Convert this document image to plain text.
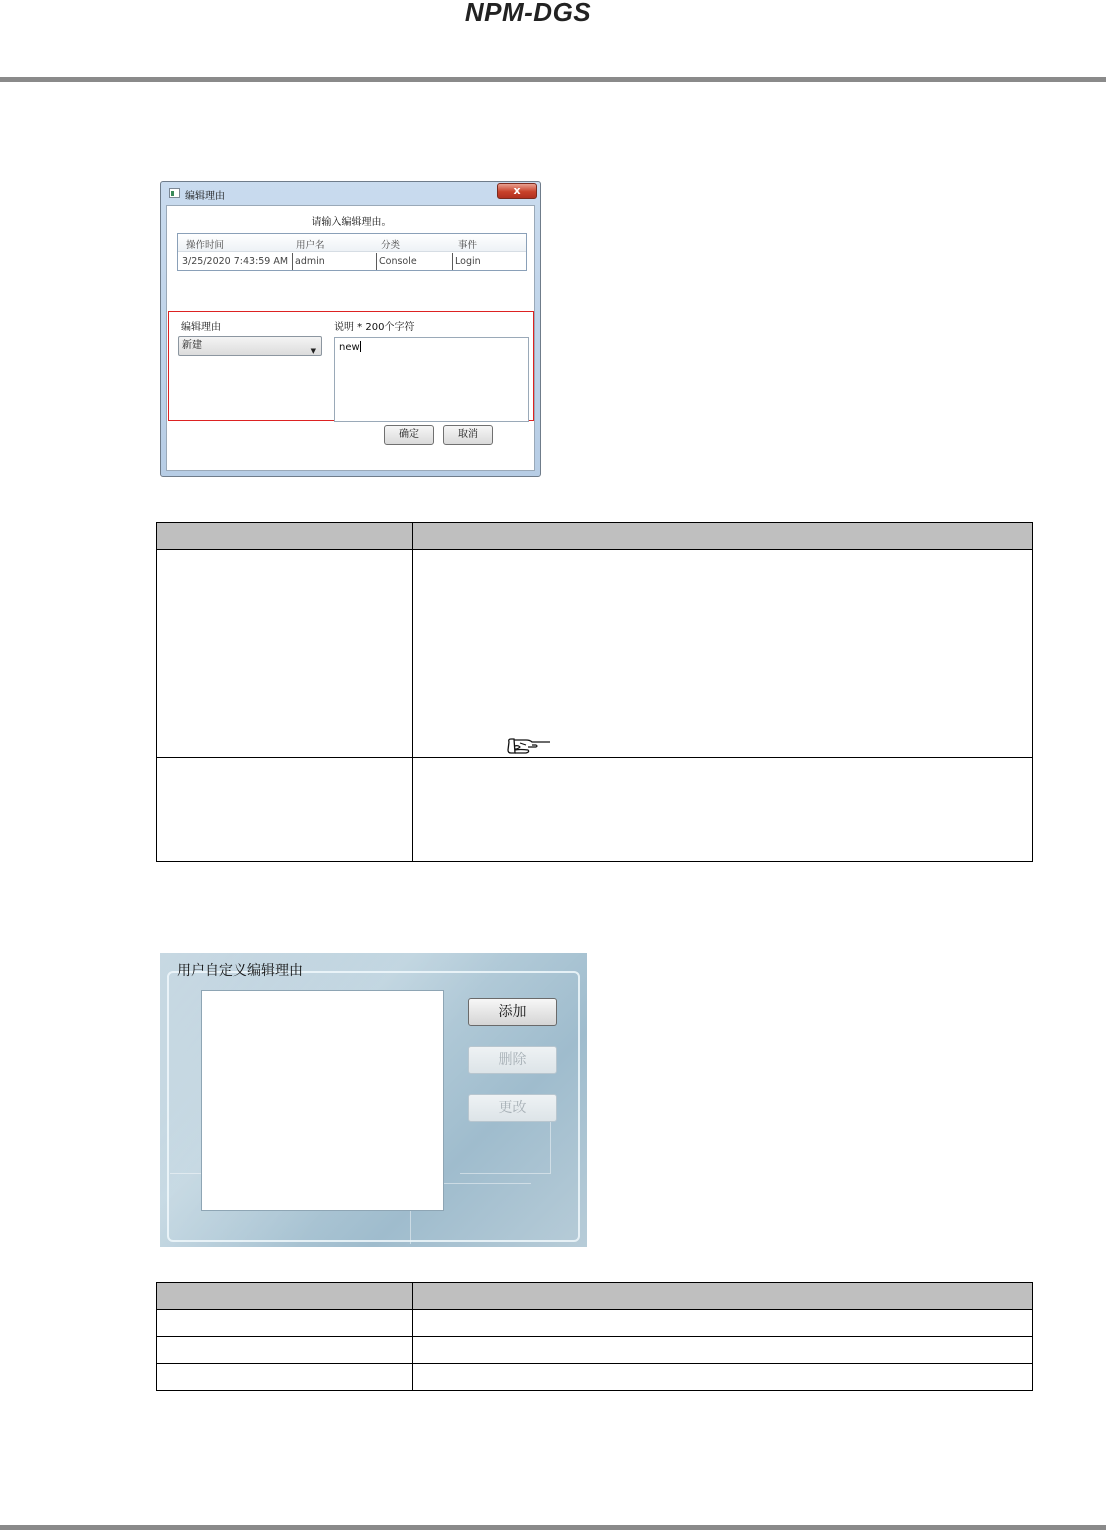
NPM-DGS
编辑理由	x
请输入编辑理由。
操作时间	用户名	分类	事件
3/25/2020 7:43:59 AM admin	Console	Login
编辑理由
新建	▼
说明 * 200个字符
new
确定	取消

用户自定义编辑理由
添加
删除
更改
